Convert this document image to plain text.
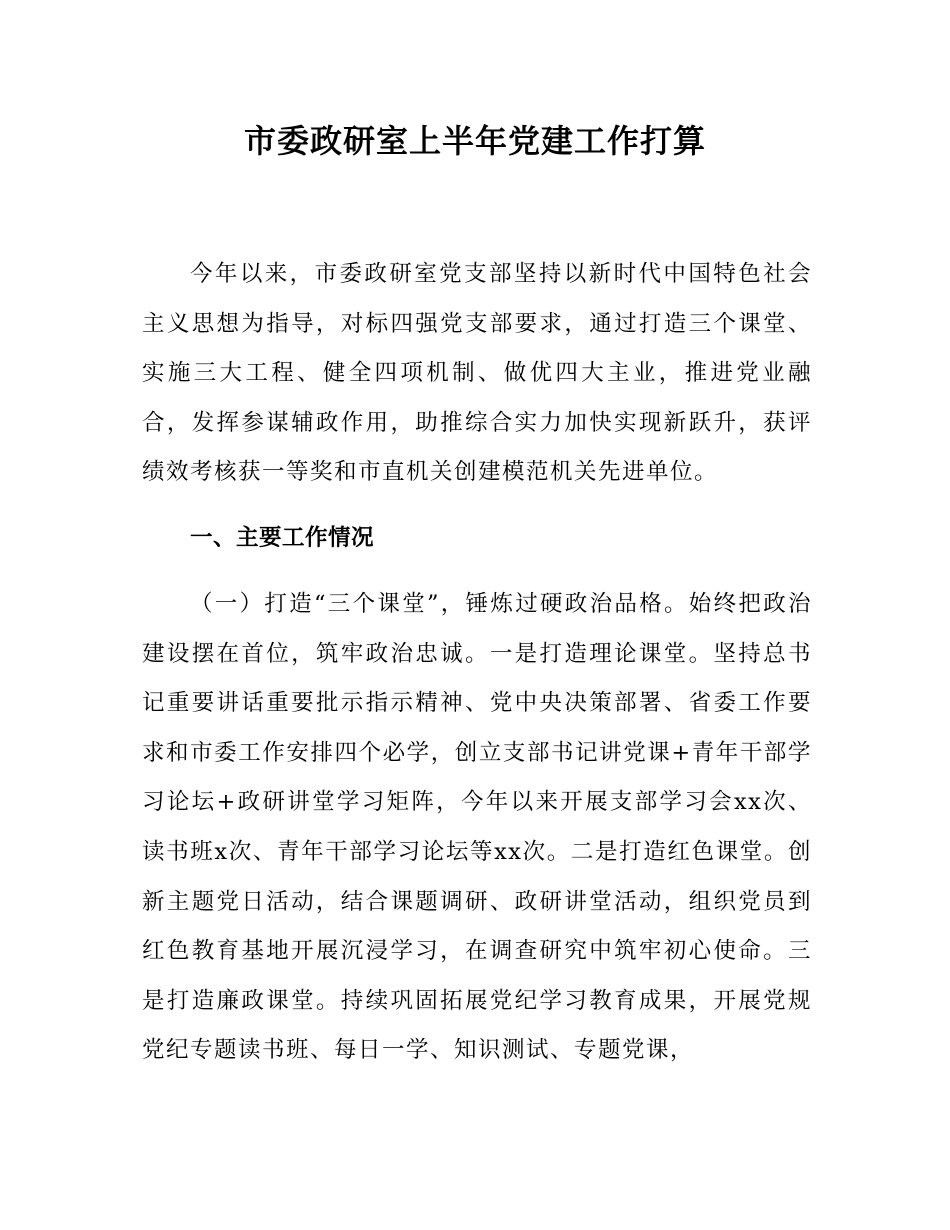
市委政研室上半年党建工作打算

今年以来，市委政研室党支部坚持以新时代中国特色社会主义思想为指导，对标四强党支部要求，通过打造三个课堂、实施三大工程、健全四项机制、做优四大主业，推进党业融合，发挥参谋辅政作用，助推综合实力加快实现新跃升，获评绩效考核获一等奖和市直机关创建模范机关先进单位。

一、主要工作情况

（一）打造“三个课堂”，锤炼过硬政治品格。始终把政治建设摆在首位，筑牢政治忠诚。一是打造理论课堂。坚持总书记重要讲话重要批示指示精神、党中央决策部署、省委工作要求和市委工作安排四个必学，创立支部书记讲党课+青年干部学习论坛+政研讲堂学习矩阵，今年以来开展支部学习会xx次、读书班x次、青年干部学习论坛等xx次。二是打造红色课堂。创新主题党日活动，结合课题调研、政研讲堂活动，组织党员到红色教育基地开展沉浸学习，在调查研究中筑牢初心使命。三是打造廉政课堂。持续巩固拓展党纪学习教育成果，开展党规党纪专题读书班、每日一学、知识测试、专题党课，
